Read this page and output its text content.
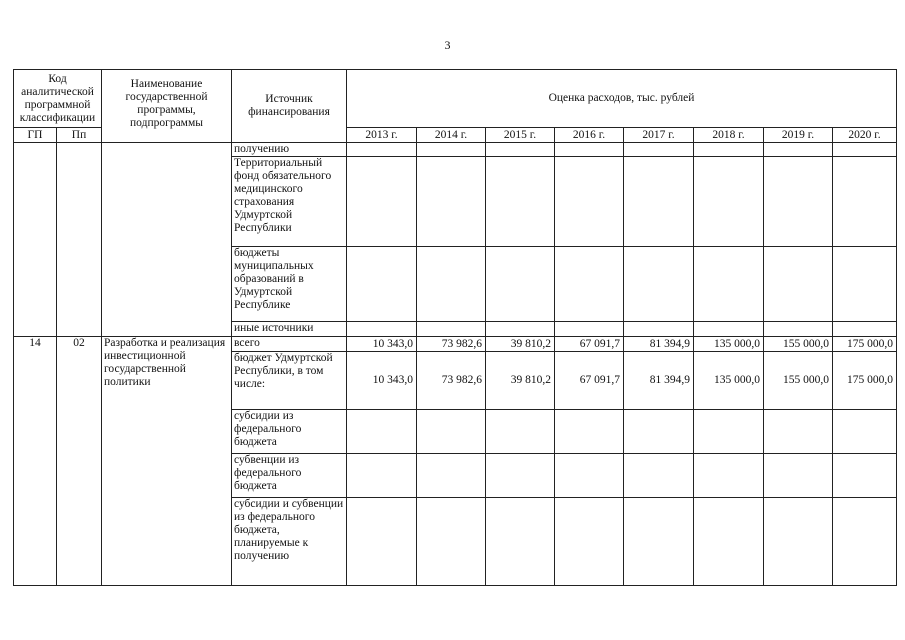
3
Код аналитической программной классификации		Наименование государственной программы, подпрограммы	Источник финансирования	Оценка расходов, тыс. рублей							
ГП	Пп			2013 г.	2014 г.	2015 г.	2016 г.	2017 г.	2018 г.	2019 г.	2020 г.
			получению								
			Территориальный фонд обязательного медицинского страхования Удмуртской Республики								
			бюджеты муниципальных образований в Удмуртской Республике								
			иные источники								
14	02	Разработка и реализация инвестиционной государственной политики	всего	10 343,0	73 982,6	39 810,2	67 091,7	81 394,9	135 000,0	155 000,0	175 000,0
			бюджет Удмуртской Республики, в том числе:	10 343,0	73 982,6	39 810,2	67 091,7	81 394,9	135 000,0	155 000,0	175 000,0
			субсидии из федерального бюджета								
			субвенции из федерального бюджета								
			субсидии и субвенции из федерального бюджета, планируемые к получению								
